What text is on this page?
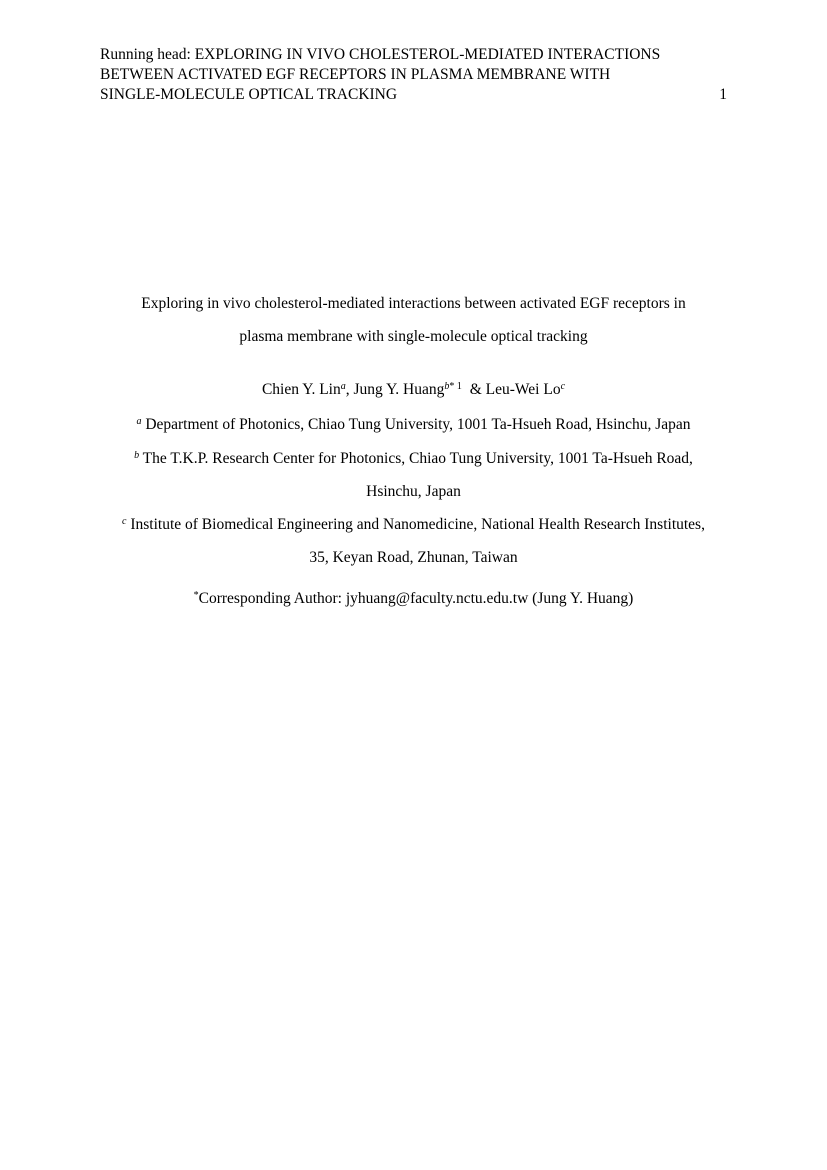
Running head: EXPLORING IN VIVO CHOLESTEROL-MEDIATED INTERACTIONS
BETWEEN ACTIVATED EGF RECEPTORS IN PLASMA MEMBRANE WITH
SINGLE-MOLECULE OPTICAL TRACKING	1
Exploring in vivo cholesterol-mediated interactions between activated EGF receptors in
plasma membrane with single-molecule optical tracking
Chien Y. Lin$^a$, Jung Y. Huang$^{b* 1}$ & Leu-Wei Lo$^c$
$^a$ Department of Photonics, Chiao Tung University, 1001 Ta-Hsueh Road, Hsinchu, Japan
$^b$ The T.K.P. Research Center for Photonics, Chiao Tung University, 1001 Ta-Hsueh Road,
Hsinchu, Japan
$^c$ Institute of Biomedical Engineering and Nanomedicine, National Health Research Institutes,
35, Keyan Road, Zhunan, Taiwan
*Corresponding Author: jyhuang@faculty.nctu.edu.tw (Jung Y. Huang)
